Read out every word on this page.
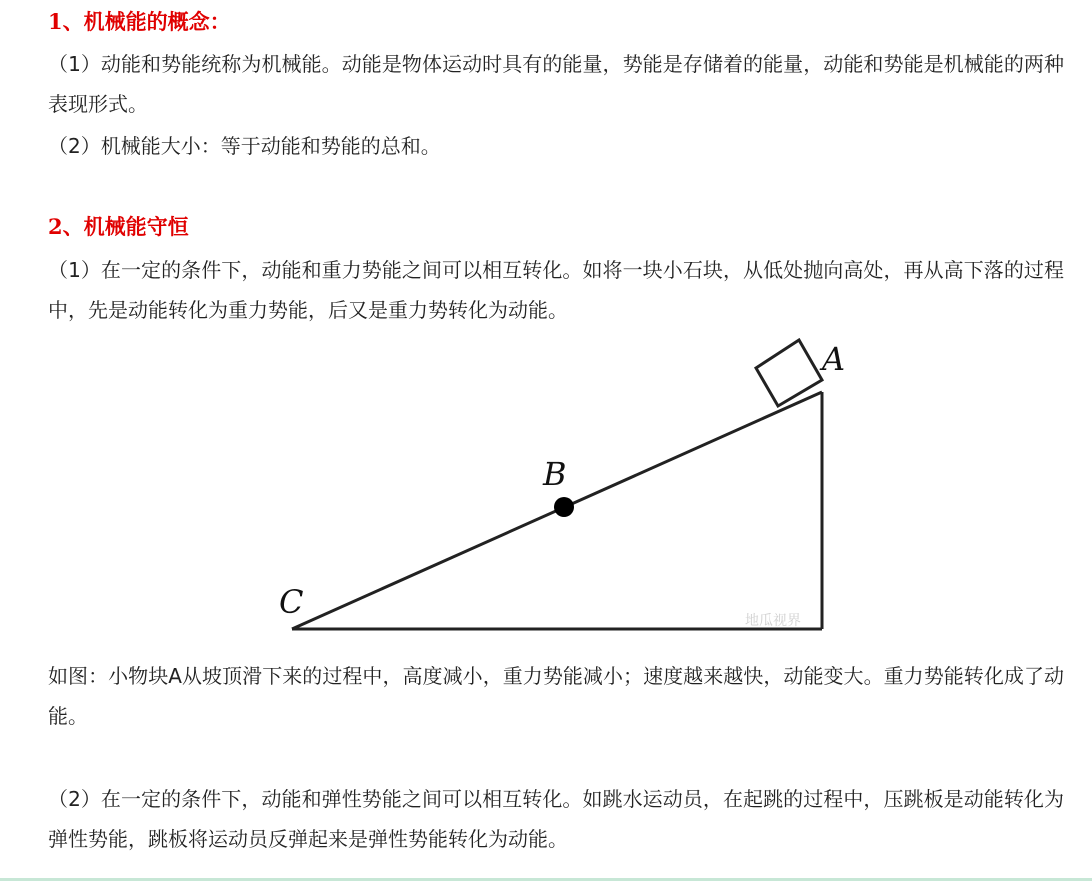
1、机械能的概念：

（1）动能和势能统称为机械能。动能是物体运动时具有的能量，势能是存储着的能量，动能和势能是机械能的两种表现形式。

（2）机械能大小：等于动能和势能的总和。

2、机械能守恒

（1）在一定的条件下，动能和重力势能之间可以相互转化。如将一块小石块，从低处抛向高处，再从高下落的过程中，先是动能转化为重力势能，后又是重力势转化为动能。

A
B
C	地瓜视界

如图：小物块A从坡顶滑下来的过程中，高度减小，重力势能减小；速度越来越快，动能变大。重力势能转化成了动能。

（2）在一定的条件下，动能和弹性势能之间可以相互转化。如跳水运动员，在起跳的过程中，压跳板是动能转化为弹性势能，跳板将运动员反弹起来是弹性势能转化为动能。
